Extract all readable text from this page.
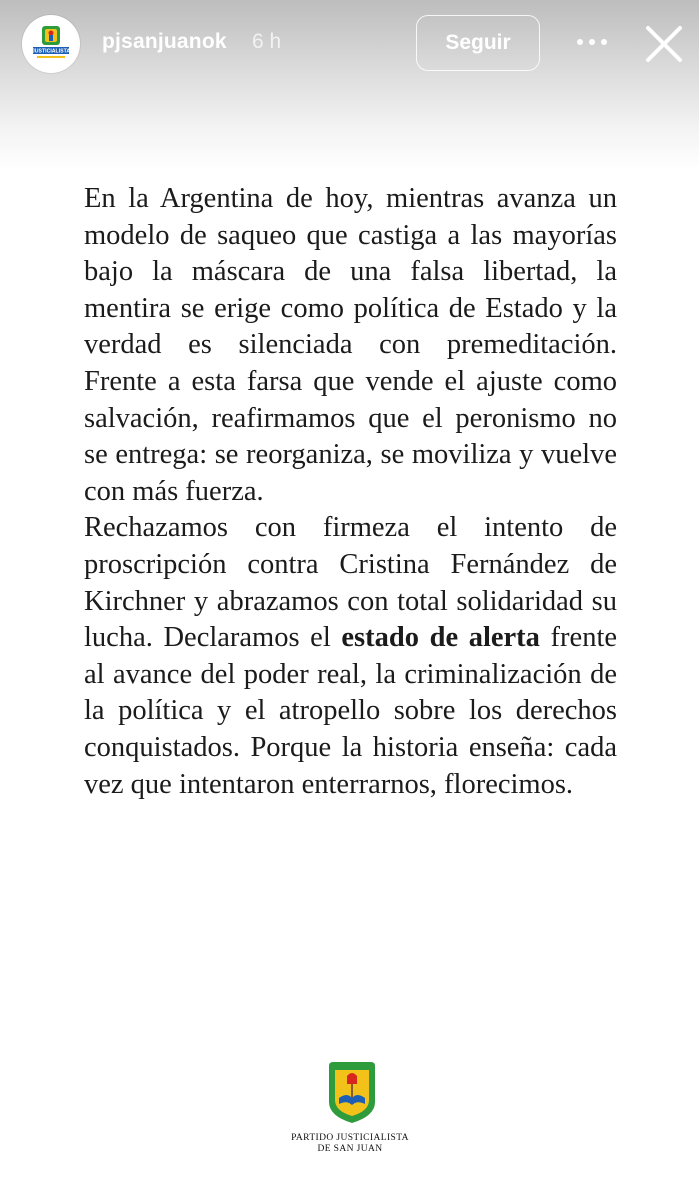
JUSTICIALISTA pjsanjuanok 6 h	Seguir

En la Argentina de hoy, mientras avanza un modelo de saqueo que castiga a las mayorías bajo la máscara de una falsa libertad, la mentira se erige como política de Estado y la verdad es silenciada con premeditación. Frente a esta farsa que vende el ajuste como salvación, reafirmamos que el peronismo no se entrega: se reorganiza, se moviliza y vuelve con más fuerza.

Rechazamos con firmeza el intento de proscripción contra Cristina Fernández de Kirchner y abrazamos con total solidaridad su lucha. Declaramos el estado de alerta frente al avance del poder real, la criminalización de la política y el atropello sobre los derechos conquistados. Porque la historia enseña: cada vez que intentaron enterrarnos, florecimos.

PARTIDO JUSTICIALISTA
DE SAN JUAN
